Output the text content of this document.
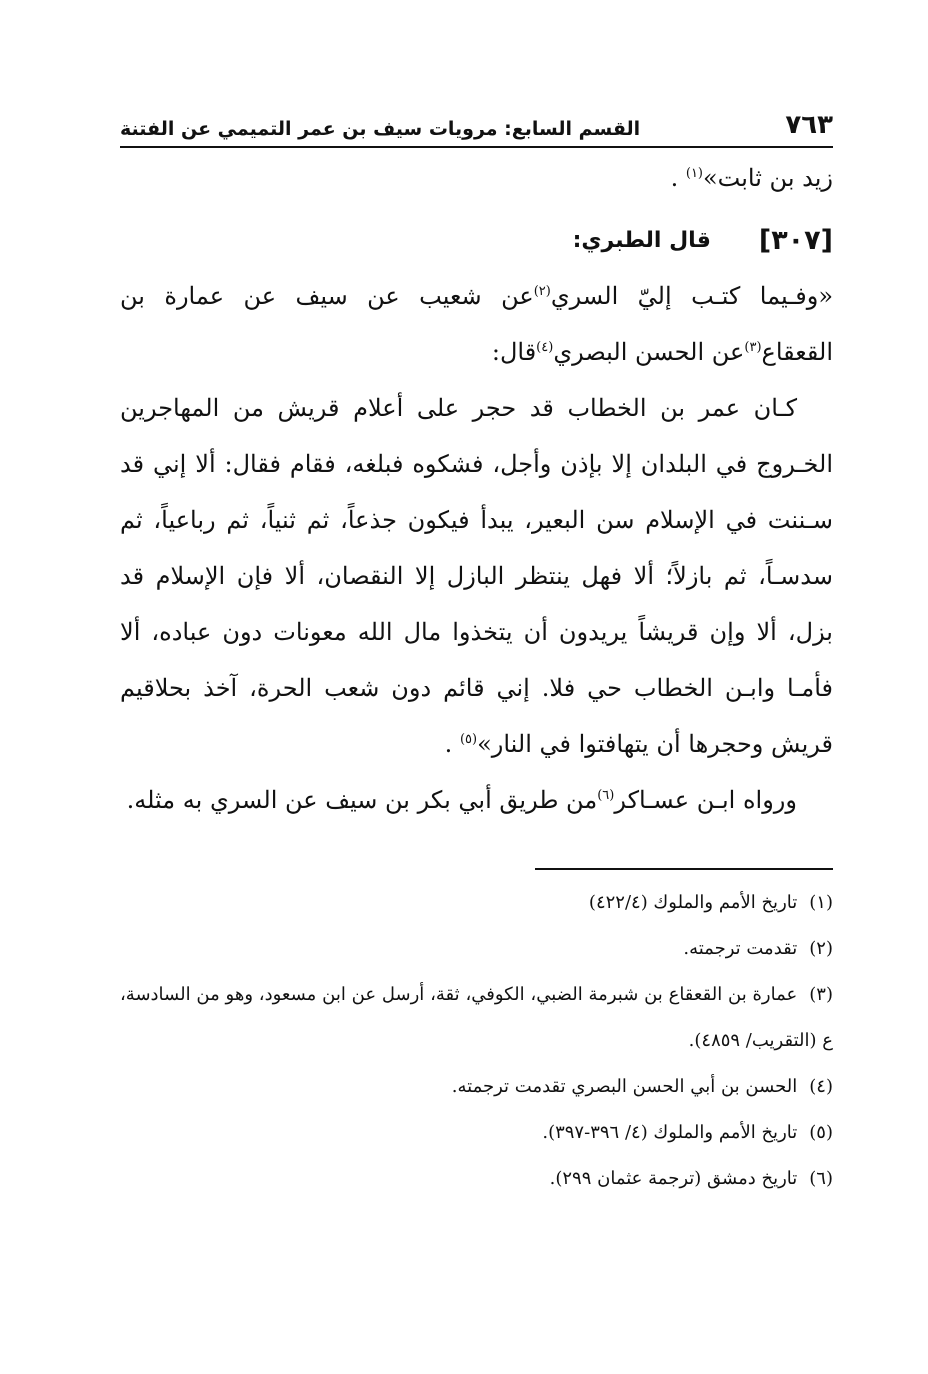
٧٦٣
القسم السابع: مرويات سيف بن عمر التميمي عن الفتنة

زيد بن ثابت»$^{(١)}$ .

[٣٠٧]
قال الطبري:

«وفـيما كتـب إليّ السري$^{(٢)}$عن شعيب عن سيف عن عمارة بن القعقاع$^{(٣)}$عن الحسن البصري$^{(٤)}$قال:

كـان عمر بن الخطاب قد حجر على أعلام قريش من المهاجرين الخـروج في البلدان إلا بإذن وأجل، فشكوه فبلغه، فقام فقال: ألا إني قد سـننت في الإسلام سن البعير، يبدأ فيكون جذعاً، ثم ثنياً، ثم رباعياً، ثم سدسـاً، ثم بازلاً؛ ألا فهل ينتظر البازل إلا النقصان، ألا فإن الإسلام قد بزل، ألا وإن قريشاً يريدون أن يتخذوا مال الله معونات دون عباده، ألا فأمـا وابـن الخطاب حي فلا. إني قائم دون شعب الحرة، آخذ بحلاقيم قريش وحجرها أن يتهافتوا في النار»$^{(٥)}$ .

ورواه ابـن عسـاكر$^{(٦)}$من طريق أبي بكر بن سيف عن السري به مثله.

(١)تاريخ الأمم والملوك (٤٢٢/٤)
(٢)تقدمت ترجمته.
(٣)عمارة بن القعقاع بن شبرمة الضبي، الكوفي، ثقة، أرسل عن ابن مسعود، وهو من السادسة، ع (التقريب/ ٤٨٥٩).
(٤)الحسن بن أبي الحسن البصري تقدمت ترجمته.
(٥)تاريخ الأمم والملوك (٤/ ٣٩٦-٣٩٧).
(٦)تاريخ دمشق (ترجمة عثمان ٢٩٩).
